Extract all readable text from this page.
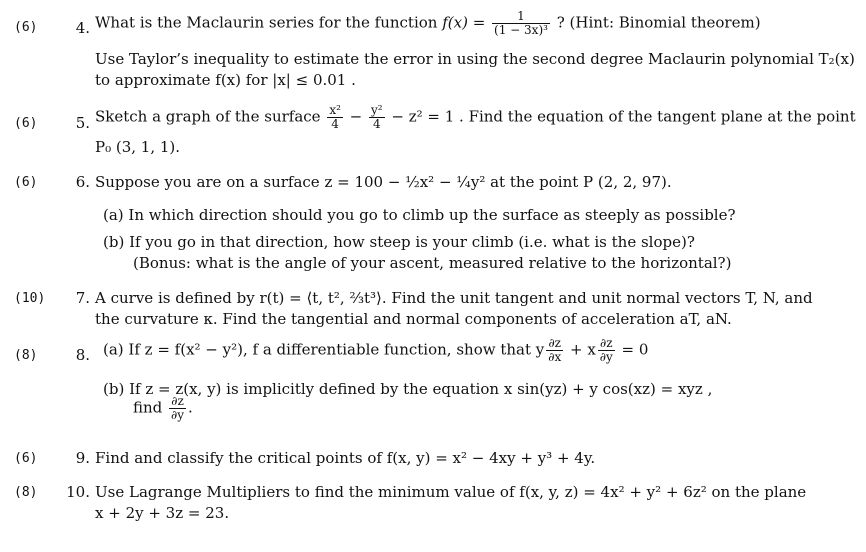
(6)	4. What is the Maclaurin series for the function $f(x) = \frac{1}{\text{(1 − 3x)³}}$ ? (Hint: Binomial theorem)
Use Taylor’s inequality to estimate the error in using the second degree Maclaurin polynomial T₂(x)
to approximate f(x) for |x| ≤ 0.01 .
(6)	5. Sketch a graph of the surface $\frac{\text{x²}}{4} - \frac{\text{y²}}{4} - z^2 = 1$ . Find the equation of the tangent plane at the point
P₀ (3, 1, 1).
(6)	6. Suppose you are on a surface z = 100 − ½x² − ¼y² at the point P (2, 2, 97).
(a) In which direction should you go to climb up the surface as steeply as possible?
(b) If you go in that direction, how steep is your climb (i.e. what is the slope)?
(Bonus: what is the angle of your ascent, measured relative to the horizontal?)
(10)	7. A curve is defined by r(t) = ⟨t, t², ⅔t³⟩. Find the unit tangent and unit normal vectors T, N, and
the curvature κ. Find the tangential and normal components of acceleration aT, aN.
(8)	8. (a) If z = f(x² − y²), f a differentiable function, show that y $\frac{\partial z}{\partial x} + x \frac{\partial z}{\partial y} = 0$
(b) If z = z(x, y) is implicitly defined by the equation x sin(yz) + y cos(xz) = xyz ,
find $\frac{\partial z}{\partial y}$ .
(6)	9. Find and classify the critical points of f(x, y) = x² − 4xy + y³ + 4y.
(8)	10. Use Lagrange Multipliers to find the minimum value of f(x, y, z) = 4x² + y² + 6z² on the plane
x + 2y + 3z = 23.
